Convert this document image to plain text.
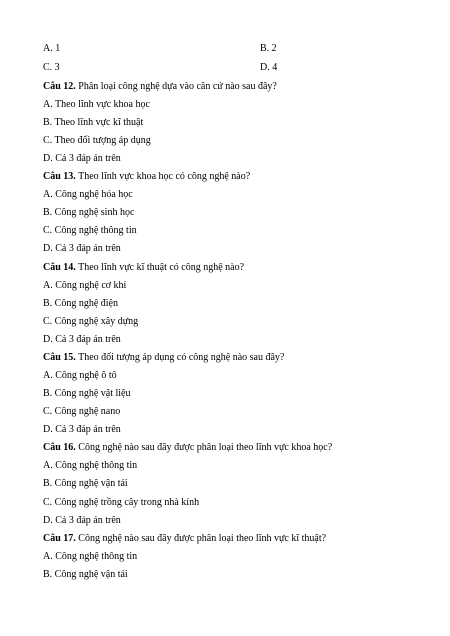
A. 1	B. 2
C. 3	D. 4
Câu 12. Phân loại công nghệ dựa vào căn cứ nào sau đây?
A. Theo lĩnh vực khoa học
B. Theo lĩnh vực kĩ thuật
C. Theo đối tượng áp dụng
D. Cả 3 đáp án trên
Câu 13. Theo lĩnh vực khoa học có công nghệ nào?
A. Công nghệ hóa học
B. Công nghệ sinh học
C. Công nghệ thông tin
D. Cả 3 đáp án trên
Câu 14. Theo lĩnh vực kĩ thuật có công nghệ nào?
A. Công nghệ cơ khí
B. Công nghệ điện
C. Công nghệ xây dựng
D. Cả 3 đáp án trên
Câu 15. Theo đối tượng áp dụng có công nghệ nào sau đây?
A. Công nghệ ô tô
B. Công nghệ vật liệu
C. Công nghệ nano
D. Cả 3 đáp án trên
Câu 16. Công nghệ nào sau đây được phân loại theo lĩnh vực khoa học?
A. Công nghệ thông tin
B. Công nghệ vận tải
C. Công nghệ trồng cây trong nhà kính
D. Cả 3 đáp án trên
Câu 17. Công nghệ nào sau đây được phân loại theo lĩnh vực kĩ thuật?
A. Công nghệ thông tin
B. Công nghệ vận tải
